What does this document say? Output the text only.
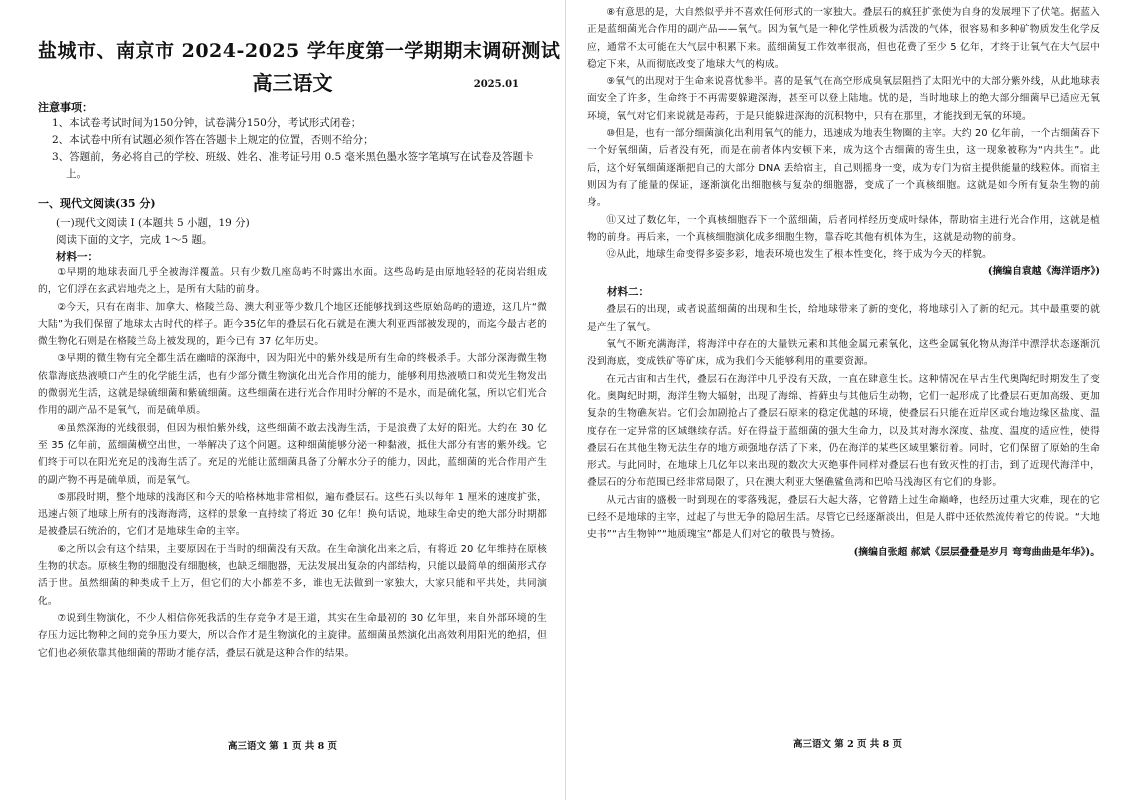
盐城市、南京市 2024-2025 学年度第一学期期末调研测试
高三语文	2025.01
注意事项：
1、本试卷考试时间为150分钟，试卷满分150分，考试形式闭卷；
2、本试卷中所有试题必须作答在答题卡上规定的位置，否则不给分；
3、答题前，务必将自己的学校、班级、姓名、准考证号用 0.5 毫米黑色墨水签字笔填写在试卷及答题卡上。
一、现代文阅读(35 分)
(一)现代文阅读 I (本题共 5 小题，19 分)
阅读下面的文字，完成 1～5 题。
材料一：

①早期的地球表面几乎全被海洋覆盖。只有少数几座岛屿不时露出水面。这些岛屿是由原地轻轻的花岗岩组成的，它们浮在玄武岩地壳之上，是所有大陆的前身。

②今天，只有在南非、加拿大、格陵兰岛、澳大利亚等少数几个地区还能够找到这些原始岛屿的遗迹，这几片“微大陆”为我们保留了地球太古时代的样子。距今35亿年的叠层石化石就是在澳大利亚西部被发现的，而迄今最古老的微生物化石则是在格陵兰岛上被发现的，距今已有 37 亿年历史。

③早期的微生物有完全都生活在幽暗的深海中，因为阳光中的紫外线是所有生命的终极杀手。大部分深海微生物依靠海底热液喷口产生的化学能生活，也有少部分微生物演化出光合作用的能力，能够利用热液喷口和荧光生物发出的微弱光生活，这就是绿硫细菌和紫硫细菌。这些细菌在进行光合作用时分解的不是水，而是硫化氢，所以它们光合作用的副产品不是氧气，而是硫单质。

④虽然深海的光线很弱，但因为根怕紫外线，这些细菌不敢去浅海生活，于是浪费了太好的阳光。大约在 30 亿至 35 亿年前，蓝细菌横空出世，一举解决了这个问题。这种细菌能够分泌一种黏液，抵住大部分有害的紫外线。它们终于可以在阳光充足的浅海生活了。充足的光能让蓝细菌具备了分解水分子的能力，因此，蓝细菌的光合作用产生的副产物不再是硫单质，而是氧气。

⑤那段时期，整个地球的浅海区和今天的哈格林地非常相似，遍布叠层石。这些石头以每年 1 厘米的速度扩张，迅速占领了地球上所有的浅海海湾，这样的景象一直持续了将近 30 亿年！换句话说，地球生命史的绝大部分时期都是被叠层石统治的，它们才是地球生命的主宰。

⑥之所以会有这个结果，主要原因在于当时的细菌没有天敌。在生命演化出来之后，有将近 20 亿年维持在原核生物的状态。原核生物的细胞没有细胞核，也缺乏细胞器，无法发展出复杂的内部结构，只能以最简单的细菌形式存活于世。虽然细菌的种类成千上万，但它们的大小都差不多，谁也无法做到一家独大，大家只能和平共处，共同演化。

⑦说到生物演化，不少人相信你死我活的生存竞争才是王道，其实在生命最初的 30 亿年里，来自外部环境的生存压力远比物种之间的竞争压力要大，所以合作才是生物演化的主旋律。蓝细菌虽然演化出高效利用阳光的绝招，但它们也必须依靠其他细菌的帮助才能存活，叠层石就是这种合作的结果。

高三语文 第 1 页 共 8 页

⑧有意思的是，大自然似乎并不喜欢任何形式的一家独大。叠层石的疯狂扩张使为自身的发展埋下了伏笔。据蓝入正是蓝细菌光合作用的副产品——氧气。因为氧气是一种化学性质极为活泼的气体，很容易和多种矿物质发生化学反应，通常不太可能在大气层中积累下来。蓝细菌复工作效率很高，但也花费了至少 5 亿年，才终于让氧气在大气层中稳定下来，从而彻底改变了地球大气的构成。

⑨氧气的出现对于生命来说喜忧参半。喜的是氧气在高空形成臭氧层阻挡了太阳光中的大部分紫外线，从此地球表面安全了许多，生命终于不再需要躲避深海，甚至可以登上陆地。忧的是，当时地球上的绝大部分细菌早已适应无氧环境，氧气对它们来说就是毒药，于是只能躲进深海的沉积物中，只有在那里，才能找到无氧的环境。

⑩但是，也有一部分细菌演化出利用氧气的能力，迅速成为地表生物圈的主宰。大约 20 亿年前，一个古细菌吞下一个好氧细菌，后者没有死，而是在前者体内安顿下来，成为这个古细菌的寄生虫，这一现象被称为“内共生”。此后，这个好氧细菌逐渐把自己的大部分 DNA 丢给宿主，自己则摇身一变，成为专门为宿主提供能量的线粒体。而宿主则因为有了能量的保证，逐渐演化出细胞核与复杂的细胞器，变成了一个真核细胞。这就是如今所有复杂生物的前身。

⑪又过了数亿年，一个真核细胞吞下一个蓝细菌，后者同样经历变成叶绿体，帮助宿主进行光合作用，这就是植物的前身。再后来，一个真核细胞演化成多细胞生物，靠吞吃其他有机体为生，这就是动物的前身。

⑫从此，地球生命变得多姿多彩，地表环境也发生了根本性变化，终于成为今天的样貌。

(摘编自袁越《海洋语序》)
材料二：

叠层石的出现，或者说蓝细菌的出现和生长，给地球带来了新的变化，将地球引入了新的纪元。其中最重要的就是产生了氧气。

氧气不断充满海洋，将海洋中存在的大量铁元素和其他金属元素氧化，这些金属氧化物从海洋中漂浮状态逐渐沉没到海底，变成铁矿等矿床，成为我们今天能够利用的重要资源。

在元古宙和古生代，叠层石在海洋中几乎没有天敌，一直在肆意生长。这种情况在早古生代奥陶纪时期发生了变化。奥陶纪时期，海洋生物大辐射，出现了海绵、苔藓虫与其他后生动物，它们一起形成了比叠层石更加高级、更加复杂的生物礁灰岩。它们会加剧抢占了叠层石原来的稳定优越的环境，使叠层石只能在近岸区或台地边缘区盐度、温度存在一定异常的区域继续存活。好在得益于蓝细菌的强大生命力，以及其对海水深度、盐度、温度的适应性，使得叠层石在其他生物无法生存的地方顽强地存活了下来，仍在海洋的某些区域里繁衍着。同时，它们保留了原始的生命形式。与此同时，在地球上几亿年以来出现的数次大灭绝事件同样对叠层石也有致灭性的打击，到了近现代海洋中，叠层石的分布范围已经非常局限了，只在澳大利亚大堡礁鲨鱼湾和巴哈马浅海区有它们的身影。

从元古宙的盛极一时到现在的零落残泥，叠层石大起大落，它曾踏上过生命巅峰，也经历过重大灾难，现在的它已经不是地球的主宰，过起了与世无争的隐居生活。尽管它已经逐渐淡出，但是人群中还依然流传着它的传说。“大地史书”“古生物钟”“地质瑰宝”都是人们对它的敬畏与赞扬。

(摘编自张超 郝斌《层层叠叠是岁月 弯弯曲曲是年华》)。
高三语文 第 2 页 共 8 页
